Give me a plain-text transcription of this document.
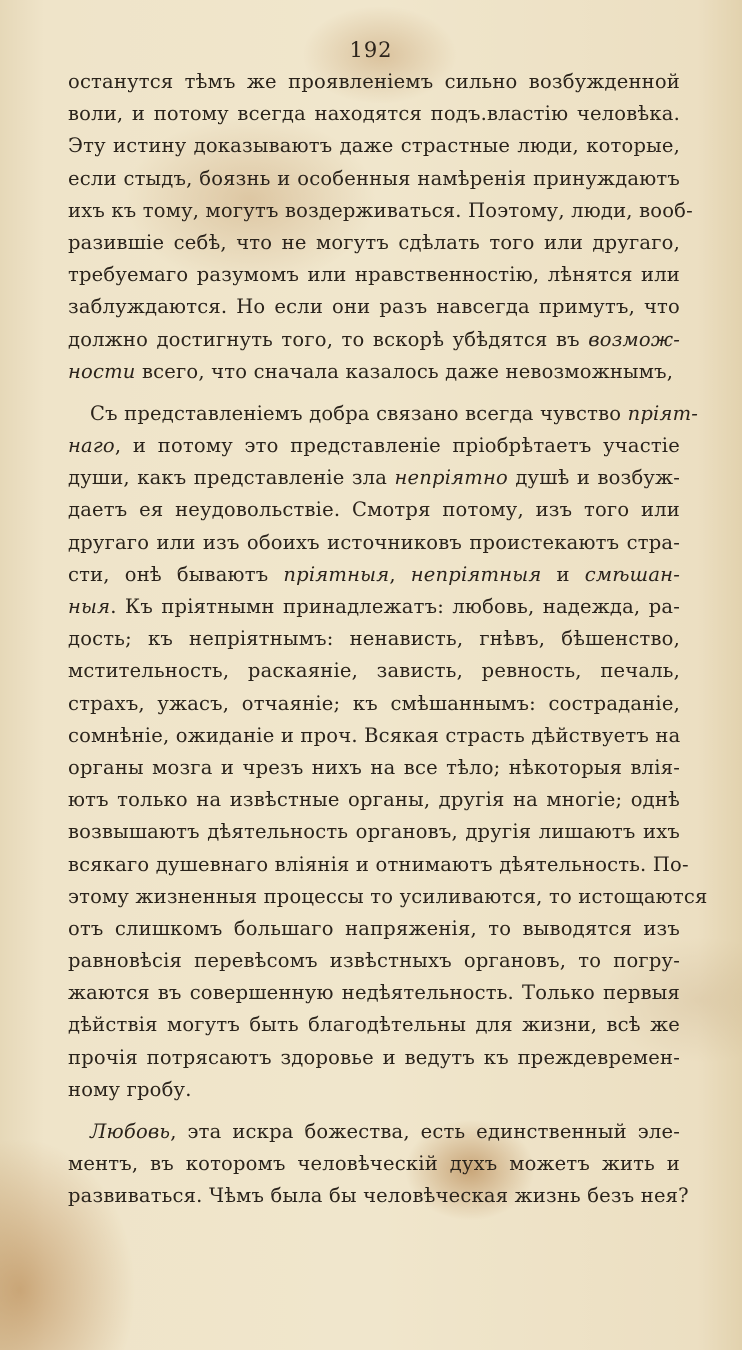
192
останутся тѣмъ же проявленіемъ сильно возбужденной
воли, и потому всегда находятся подъ.властію человѣка.
Эту истину доказываютъ даже страстные люди, которые,
если стыдъ, боязнь и особенныя намѣренія принуждаютъ
ихъ къ тому, могутъ воздерживаться. Поэтому, люди, вооб-
разившіе себѣ, что не могутъ сдѣлать того или другаго,
требуемаго разумомъ или нравственностію, лѣнятся или
заблуждаются. Но если они разъ навсегда примутъ, что
должно достигнуть того, то вскорѣ убѣдятся въ возмож-
ности всего, что сначала казалось даже невозможнымъ,
Съ представленіемъ добра связано всегда чувство пріят-
наго, и потому это представленіе пріобрѣтаетъ участіе
души, какъ представленіе зла непріятно душѣ и возбуж-
даетъ ея неудовольствіе. Смотря потому, изъ того или
другаго или изъ обоихъ источниковъ проистекаютъ стра-
сти, онѣ бываютъ пріятныя, непріятныя и смѣшан-
ныя. Къ пріятнымн принадлежатъ: любовь, надежда, ра-
дость; къ непріятнымъ: ненависть, гнѣвъ, бѣшенство,
мстительность, раскаяніе, зависть, ревность, печаль,
страхъ, ужасъ, отчаяніе; къ смѣшаннымъ: состраданіе,
сомнѣніе, ожиданіе и проч. Всякая страсть дѣйствуетъ на
органы мозга и чрезъ нихъ на все тѣло; нѣкоторыя влія-
ютъ только на извѣстные органы, другія на многіе; однѣ
возвышаютъ дѣятельность органовъ, другія лишаютъ ихъ
всякаго душевнаго вліянія и отнимаютъ дѣятельность. По-
этому жизненныя процессы то усиливаются, то истощаются
отъ слишкомъ большаго напряженія, то выводятся изъ
равновѣсія перевѣсомъ извѣстныхъ органовъ, то погру-
жаются въ совершенную недѣятельность. Только первыя
дѣйствія могутъ быть благодѣтельны для жизни, всѣ же
прочія потрясаютъ здоровье и ведутъ къ преждевремен-
ному гробу.
Любовь, эта искра божества, есть единственный эле-
ментъ, въ которомъ человѣческій духъ можетъ жить и
развиваться. Чѣмъ была бы человѣческая жизнь безъ нея?
